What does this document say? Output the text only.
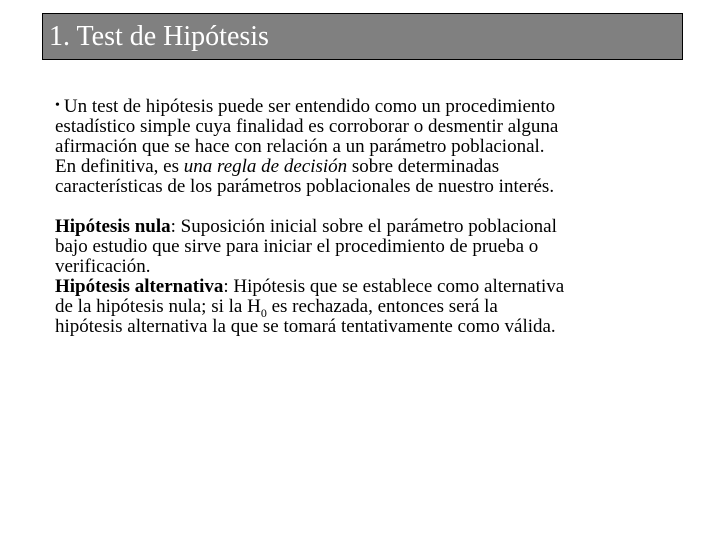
1. Test de Hipótesis

• Un test de hipótesis puede ser entendido como un procedimiento
estadístico simple cuya finalidad es corroborar o desmentir alguna
afirmación que se hace con relación a un parámetro poblacional.
En definitiva, es una regla de decisión sobre determinadas
características de los parámetros poblacionales de nuestro interés.

Hipótesis nula: Suposición inicial sobre el parámetro poblacional
bajo estudio que sirve para iniciar el procedimiento de prueba o
verificación.
Hipótesis alternativa: Hipótesis que se establece como alternativa
de la hipótesis nula; si la $H_0$ es rechazada, entonces será la
hipótesis alternativa la que se tomará tentativamente como válida.
